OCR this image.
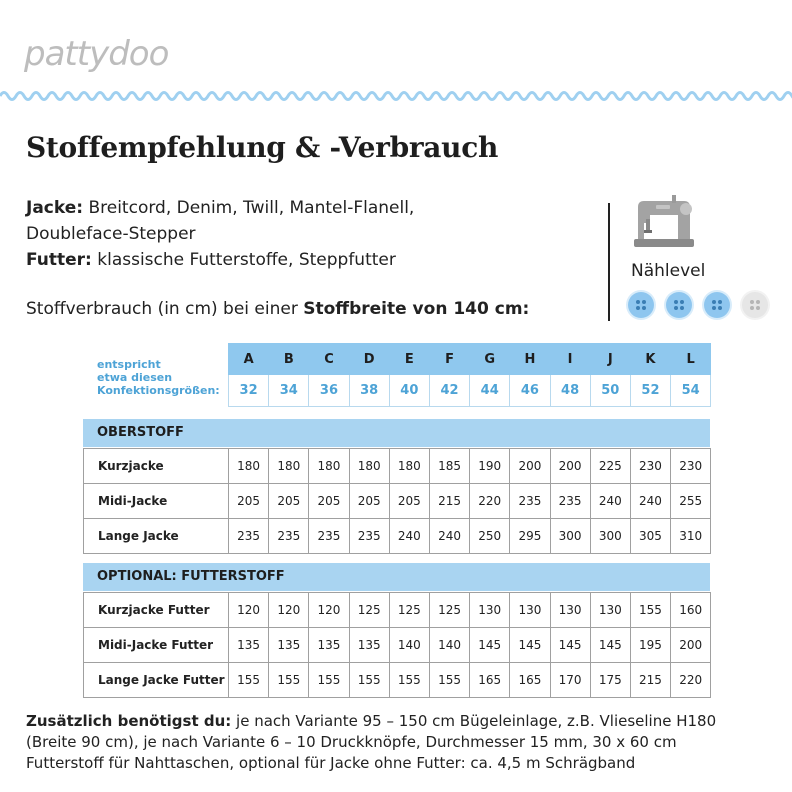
pattydoo
Stoffempfehlung & -Verbrauch
Jacke: Breitcord, Denim, Twill, Mantel-Flanell,
Doubleface-Stepper
Futter: klassische Futterstoffe, Steppfutter
Stoffverbrauch (in cm) bei einer Stoffbreite von 140 cm:
Nählevel
entspricht
etwa diesen
Konfektionsgrößen:
A	B	C	D	E	F	G	H	I	J	K	L
32	34	36	38	40	42	44	46	48	50	52	54
OBERSTOFF
Kurzjacke	180	180	180	180	180	185	190	200	200	225	230	230
Midi-Jacke	205	205	205	205	205	215	220	235	235	240	240	255
Lange Jacke	235	235	235	235	240	240	250	295	300	300	305	310
OPTIONAL: FUTTERSTOFF
Kurzjacke Futter	120	120	120	125	125	125	130	130	130	130	155	160
Midi-Jacke Futter	135	135	135	135	140	140	145	145	145	145	195	200
Lange Jacke Futter	155	155	155	155	155	155	165	165	170	175	215	220
Zusätzlich benötigst du: je nach Variante 95 – 150 cm Bügeleinlage, z.B. Vlieseline H180
(Breite 90 cm), je nach Variante 6 – 10 Druckknöpfe, Durchmesser 15 mm, 30 x 60 cm
Futterstoff für Nahttaschen, optional für Jacke ohne Futter: ca. 4,5 m Schrägband
